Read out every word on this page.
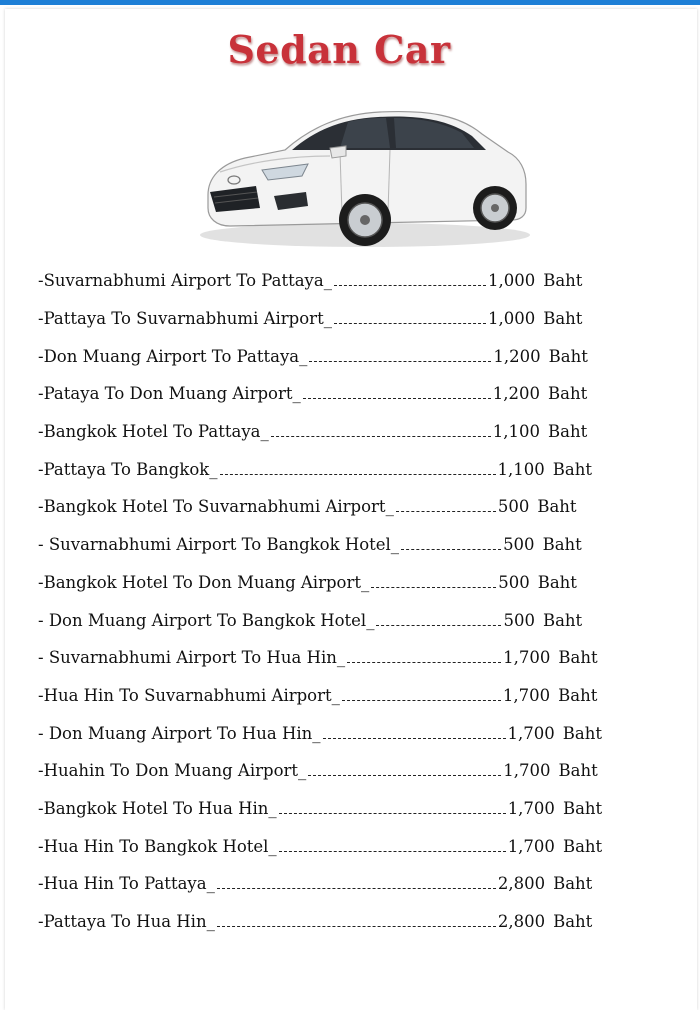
Sedan Car
-Suvarnabhumi Airport To Pattaya_	1,000 Baht
-Pattaya To Suvarnabhumi Airport_	1,000 Baht
-Don Muang Airport To Pattaya_	1,200 Baht
-Pataya To Don Muang Airport_	1,200 Baht
-Bangkok Hotel To Pattaya_	1,100 Baht
-Pattaya To Bangkok_	1,100 Baht
-Bangkok Hotel To Suvarnabhumi Airport_	500 Baht
- Suvarnabhumi Airport To Bangkok Hotel_	500 Baht
-Bangkok Hotel To Don Muang Airport_	500 Baht
- Don Muang Airport To Bangkok Hotel_	500 Baht
- Suvarnabhumi Airport To Hua Hin_	1,700 Baht
-Hua Hin To Suvarnabhumi Airport_	1,700 Baht
- Don Muang Airport To Hua Hin_	1,700 Baht
-Huahin To Don Muang Airport_	1,700 Baht
-Bangkok Hotel To Hua Hin_	1,700 Baht
-Hua Hin To Bangkok Hotel_	1,700 Baht
-Hua Hin To Pattaya_	2,800 Baht
-Pattaya To Hua Hin_	2,800 Baht
